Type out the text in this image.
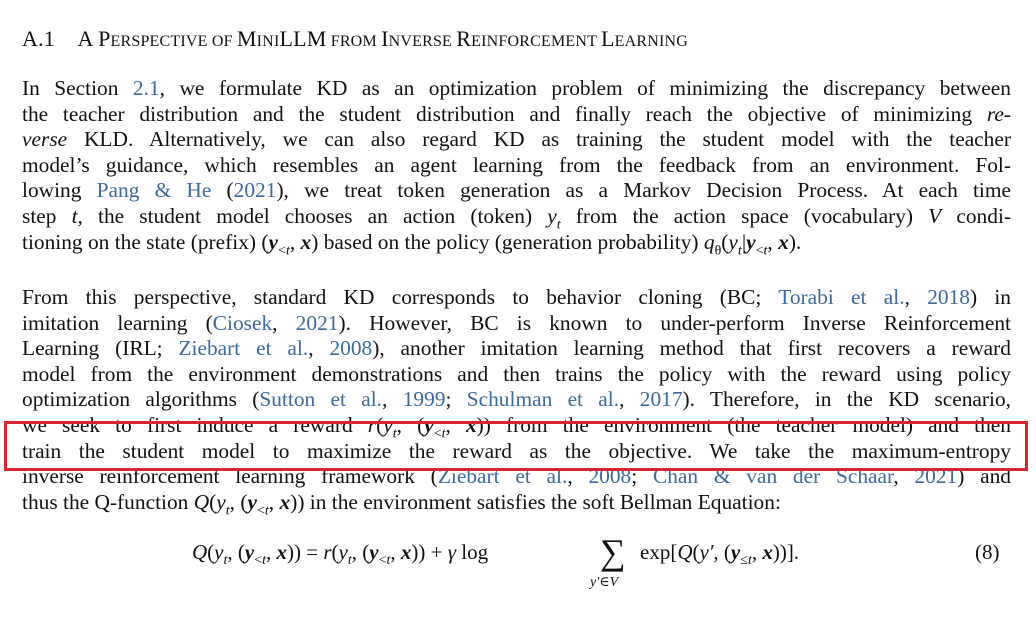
A.1 A PERSPECTIVE OF MINILLM FROM INVERSE REINFORCEMENT LEARNING
In Section 2.1, we formulate KD as an optimization problem of minimizing the discrepancy between
the teacher distribution and the student distribution and finally reach the objective of minimizing re-
verse KLD. Alternatively, we can also regard KD as training the student model with the teacher
model’s guidance, which resembles an agent learning from the feedback from an environment. Fol-
lowing Pang & He (2021), we treat token generation as a Markov Decision Process. At each time
step t, the student model chooses an action (token) $y_t$ from the action space (vocabulary) V condi-
tioning on the state (prefix) ($y_{<t}$, x) based on the policy (generation probability) $q_\theta(y_t|y_{<t}$, x).
From this perspective, standard KD corresponds to behavior cloning (BC; Torabi et al., 2018) in
imitation learning (Ciosek, 2021). However, BC is known to under-perform Inverse Reinforcement
Learning (IRL; Ziebart et al., 2008), another imitation learning method that first recovers a reward
model from the environment demonstrations and then trains the policy with the reward using policy
optimization algorithms (Sutton et al., 1999; Schulman et al., 2017). Therefore, in the KD scenario,
we seek to first induce a reward $r(y_t$, ($y_{<t}$, x)) from the environment (the teacher model) and then
train the student model to maximize the reward as the objective. We take the maximum-entropy
inverse reinforcement learning framework (Ziebart et al., 2008; Chan & van der Schaar, 2021) and
thus the Q-function $Q(y_t$, ($y_{<t}$, x)) in the environment satisfies the soft Bellman Equation:
$Q(y_t$, ($y_{<t}$, $x)) = r(y_t$, ($y_{<t}$, x)) + γ log	∑
y′∈V
exp[Q(y′, ($y_{\le t}$, x))].	(8)
